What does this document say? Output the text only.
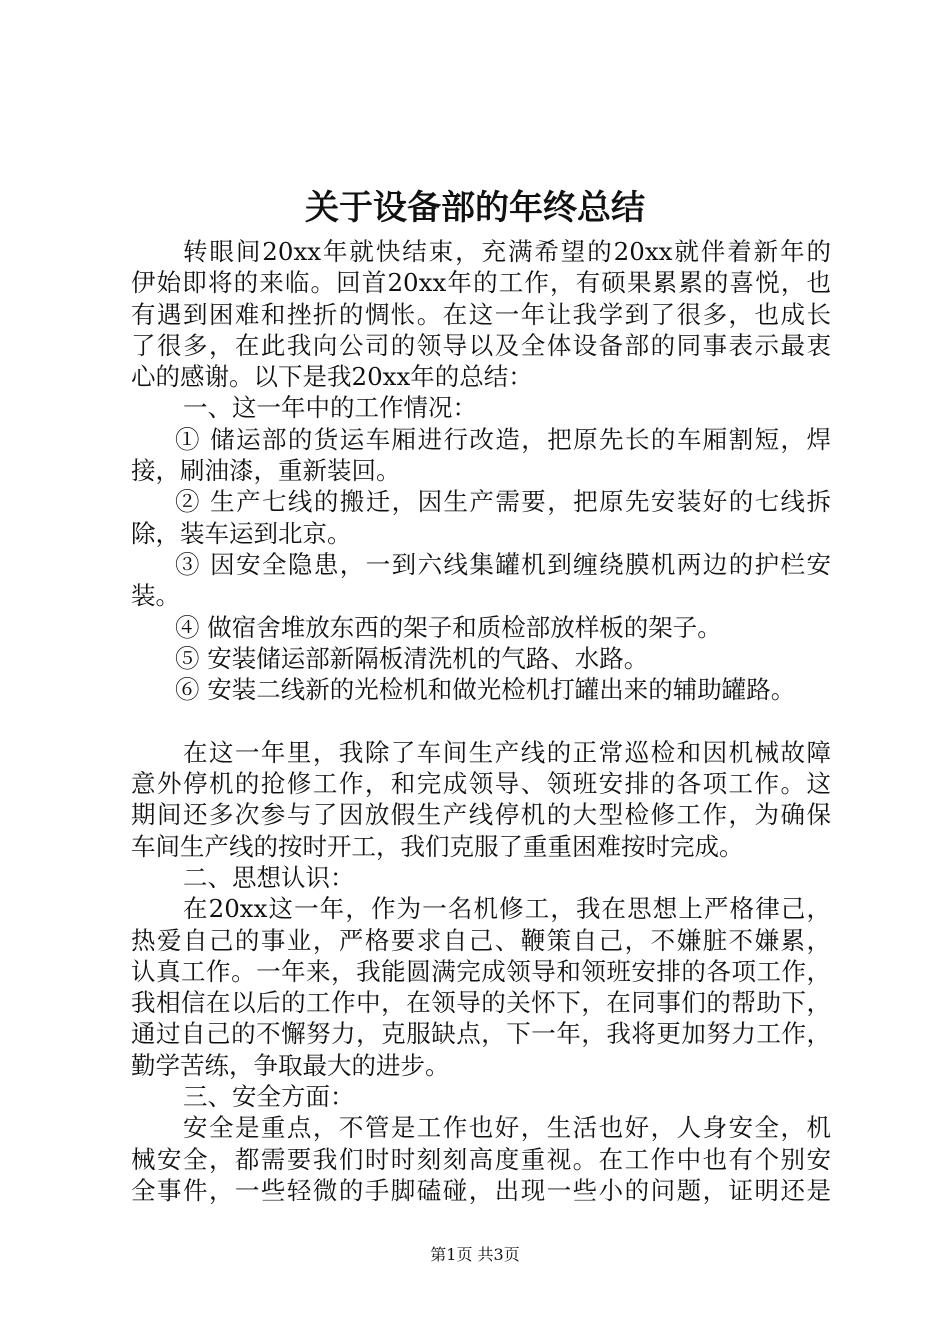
关于设备部的年终总结
转眼间20xx年就快结束，充满希望的20xx就伴着新年的
伊始即将的来临。回首20xx年的工作，有硕果累累的喜悦，也
有遇到困难和挫折的惆怅。在这一年让我学到了很多，也成长
了很多，在此我向公司的领导以及全体设备部的同事表示最衷
心的感谢。以下是我20xx年的总结：
一、这一年中的工作情况：
① 储运部的货运车厢进行改造，把原先长的车厢割短，焊
接，刷油漆，重新装回。
② 生产七线的搬迁，因生产需要，把原先安装好的七线拆
除，装车运到北京。
③ 因安全隐患，一到六线集罐机到缠绕膜机两边的护栏安
装。
④ 做宿舍堆放东西的架子和质检部放样板的架子。
⑤ 安装储运部新隔板清洗机的气路、水路。
⑥ 安装二线新的光检机和做光检机打罐出来的辅助罐路。
在这一年里，我除了车间生产线的正常巡检和因机械故障
意外停机的抢修工作，和完成领导、领班安排的各项工作。这
期间还多次参与了因放假生产线停机的大型检修工作，为确保
车间生产线的按时开工，我们克服了重重困难按时完成。
二、思想认识：
在20xx这一年，作为一名机修工，我在思想上严格律己，
热爱自己的事业，严格要求自己、鞭策自己，不嫌脏不嫌累，
认真工作。一年来，我能圆满完成领导和领班安排的各项工作，
我相信在以后的工作中，在领导的关怀下，在同事们的帮助下，
通过自己的不懈努力，克服缺点，下一年，我将更加努力工作，
勤学苦练，争取最大的进步。
三、安全方面：
安全是重点，不管是工作也好，生活也好，人身安全，机
械安全，都需要我们时时刻刻高度重视。在工作中也有个别安
全事件，一些轻微的手脚磕碰，出现一些小的问题，证明还是
第1页 共3页
